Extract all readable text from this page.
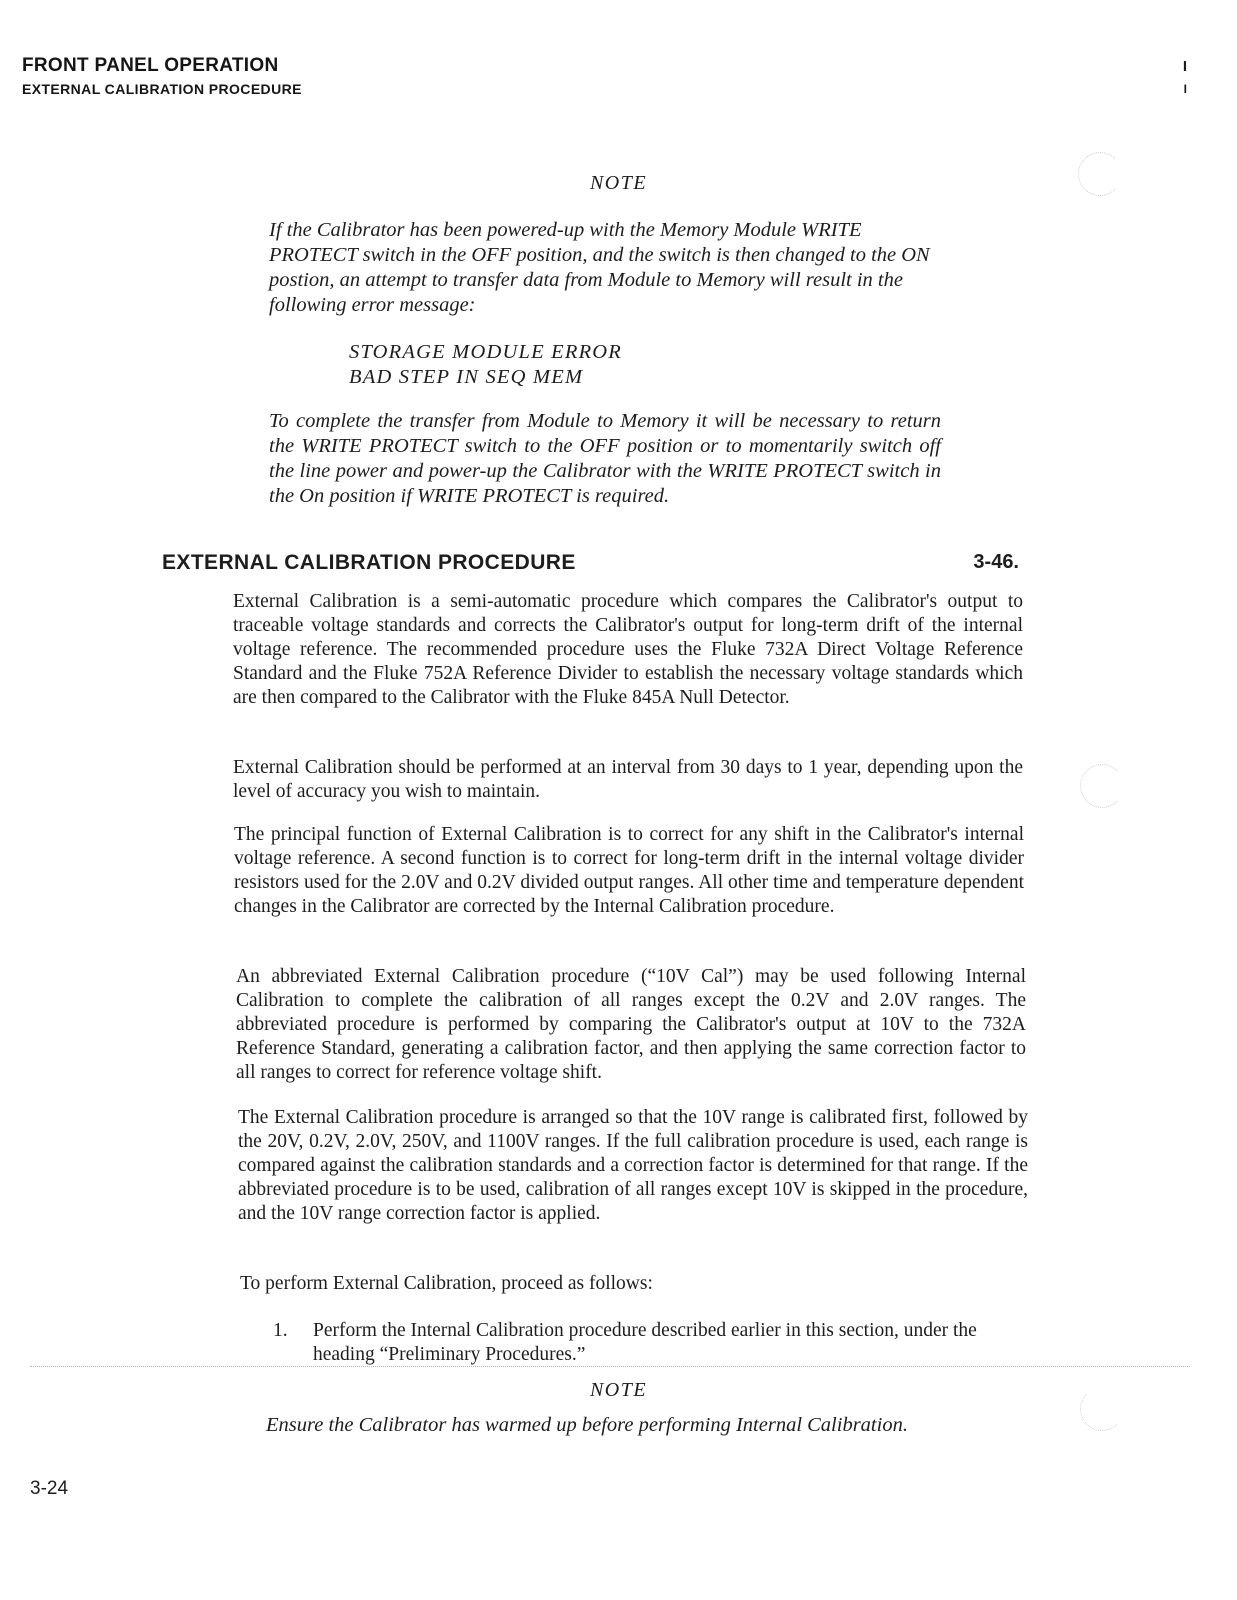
FRONT PANEL OPERATION
EXTERNAL CALIBRATION PROCEDURE
I
I
NOTE
If the Calibrator has been powered-up with the Memory Module WRITE PROTECT switch in the OFF position, and the switch is then changed to the ON postion, an attempt to transfer data from Module to Memory will result in the following error message:
STORAGE MODULE ERROR
BAD STEP IN SEQ MEM
To complete the transfer from Module to Memory it will be necessary to return the WRITE PROTECT switch to the OFF position or to momentarily switch off the line power and power-up the Calibrator with the WRITE PROTECT switch in the On position if WRITE PROTECT is required.
EXTERNAL CALIBRATION PROCEDURE	3-46.
External Calibration is a semi-automatic procedure which compares the Calibrator's output to traceable voltage standards and corrects the Calibrator's output for long-term drift of the internal voltage reference. The recommended procedure uses the Fluke 732A Direct Voltage Reference Standard and the Fluke 752A Reference Divider to establish the necessary voltage standards which are then compared to the Calibrator with the Fluke 845A Null Detector.
External Calibration should be performed at an interval from 30 days to 1 year, depending upon the level of accuracy you wish to maintain.
The principal function of External Calibration is to correct for any shift in the Calibrator's internal voltage reference. A second function is to correct for long-term drift in the internal voltage divider resistors used for the 2.0V and 0.2V divided output ranges. All other time and temperature dependent changes in the Calibrator are corrected by the Internal Calibration procedure.
An abbreviated External Calibration procedure (“10V Cal”) may be used following Internal Calibration to complete the calibration of all ranges except the 0.2V and 2.0V ranges. The abbreviated procedure is performed by comparing the Calibrator's output at 10V to the 732A Reference Standard, generating a calibration factor, and then applying the same correction factor to all ranges to correct for reference voltage shift.
The External Calibration procedure is arranged so that the 10V range is calibrated first, followed by the 20V, 0.2V, 2.0V, 250V, and 1100V ranges. If the full calibration procedure is used, each range is compared against the calibration standards and a correction factor is determined for that range. If the abbreviated procedure is to be used, calibration of all ranges except 10V is skipped in the procedure, and the 10V range correction factor is applied.
To perform External Calibration, proceed as follows:
1. Perform the Internal Calibration procedure described earlier in this section, under the heading “Preliminary Procedures.”
NOTE
Ensure the Calibrator has warmed up before performing Internal Calibration.
3-24
